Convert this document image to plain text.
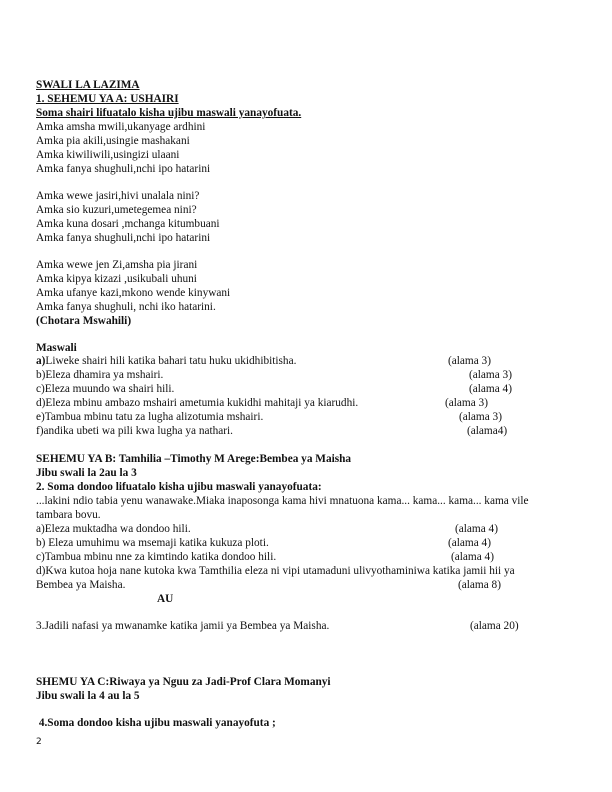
SWALI LA LAZIMA
1. SEHEMU YA A: USHAIRI
Soma shairi lifuatalo kisha ujibu maswali yanayofuata.
Amka amsha mwili,ukanyage ardhini
Amka pia akili,usingie mashakani
Amka kiwiliwili,usingizi ulaani
Amka fanya shughuli,nchi ipo hatarini
Amka wewe jasiri,hivi unalala nini?
Amka sio kuzuri,umetegemea nini?
Amka kuna dosari ,mchanga kitumbuani
Amka fanya shughuli,nchi ipo hatarini
Amka wewe jen Zi,amsha pia jirani
Amka kipya kizazi ,usikubali uhuni
Amka ufanye kazi,mkono wende kinywani
Amka fanya shughuli, nchi iko hatarini.
(Chotara Mswahili)
Maswali
a)Liweke shairi hili katika bahari tatu huku ukidhibitisha.	(alama 3)
b)Eleza dhamira ya mshairi.	(alama 3)
c)Eleza muundo wa shairi hili.	(alama 4)
d)Eleza mbinu ambazo mshairi ametumia kukidhi mahitaji ya kiarudhi.	(alama 3)
e)Tambua mbinu tatu za lugha alizotumia mshairi.	(alama 3)
f)andika ubeti wa pili kwa lugha ya nathari.	(alama4)
SEHEMU YA B: Tamhilia –Timothy M Arege:Bembea ya Maisha
Jibu swali la 2au la 3
2. Soma dondoo lifuatalo kisha ujibu maswali yanayofuata:
...lakini ndio tabia yenu wanawake.Miaka inaposonga kama hivi mnatuona kama... kama... kama... kama vile
tambara bovu.
a)Eleza muktadha wa dondoo hili.	(alama 4)
b) Eleza umuhimu wa msemaji katika kukuza ploti.	(alama 4)
c)Tambua mbinu nne za kimtindo katika dondoo hili.	(alama 4)
d)Kwa kutoa hoja nane kutoka kwa Tamthilia eleza ni vipi utamaduni ulivyothaminiwa katika jamii hii ya
Bembea ya Maisha.	(alama 8)
AU
3.Jadili nafasi ya mwanamke katika jamii ya Bembea ya Maisha.	(alama 20)
SHEMU YA C:Riwaya ya Nguu za Jadi-Prof Clara Momanyi
Jibu swali la 4 au la 5
4.Soma dondoo kisha ujibu maswali yanayofuta ;
2
